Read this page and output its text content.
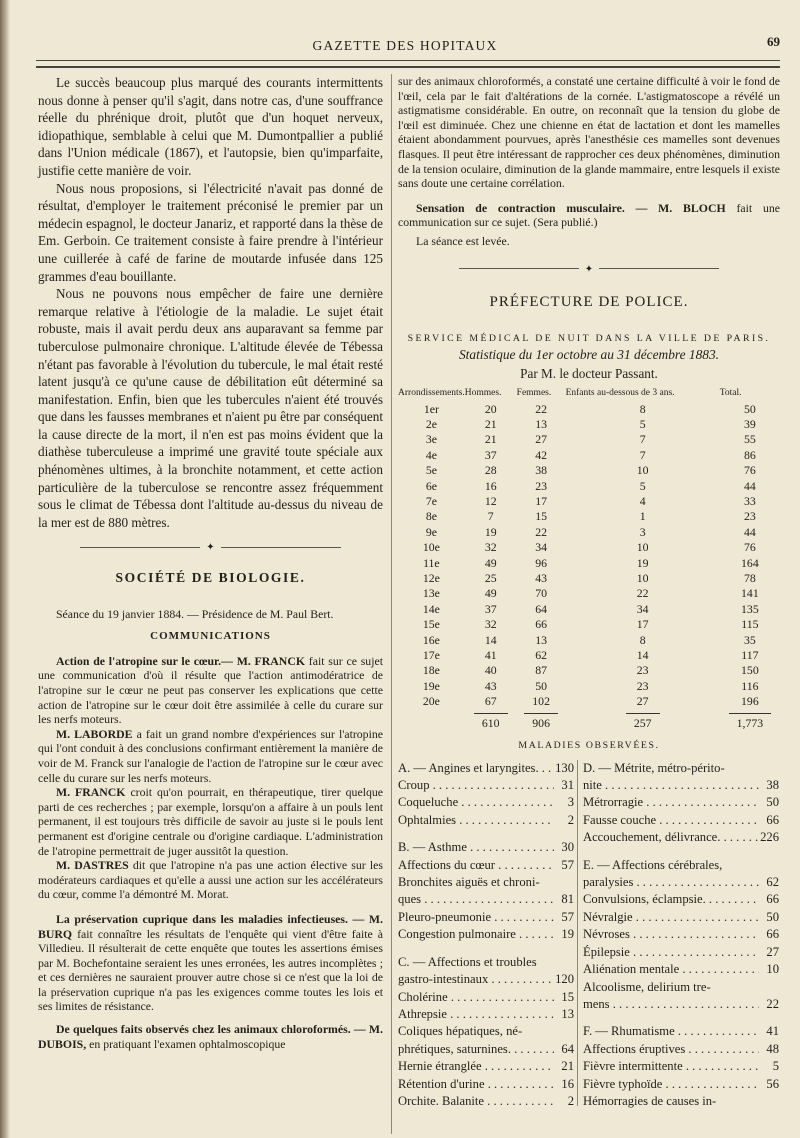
GAZETTE DES HOPITAUX	69

Le succès beaucoup plus marqué des courants intermittents nous donne à penser qu'il s'agit, dans notre cas, d'une souffrance réelle du phrénique droit, plutôt que d'un hoquet nerveux, idiopathique, semblable à celui que M. Dumontpallier a publié dans l'Union médicale (1867), et l'autopsie, bien qu'imparfaite, justifie cette manière de voir.

Nous nous proposions, si l'électricité n'avait pas donné de résultat, d'employer le traitement préconisé le premier par un médecin espagnol, le docteur Janariz, et rapporté dans la thèse de Em. Gerboin. Ce traitement consiste à faire prendre à l'intérieur une cuillerée à café de farine de moutarde infusée dans 125 grammes d'eau bouillante.

Nous ne pouvons nous empêcher de faire une dernière remarque relative à l'étiologie de la maladie. Le sujet était robuste, mais il avait perdu deux ans auparavant sa femme par tuberculose pulmonaire chronique. L'altitude élevée de Tébessa n'étant pas favorable à l'évolution du tubercule, le mal était resté latent jusqu'à ce qu'une cause de débilitation eût déterminé sa manifestation. Enfin, bien que les tubercules n'aient été trouvés que dans les fausses membranes et n'aient pu être par conséquent la cause directe de la mort, il n'en est pas moins évident que la diathèse tuberculeuse a imprimé une gravité toute spéciale aux phénomènes ultimes, à la bronchite notamment, et cette action particulière de la tuberculose se rencontre assez fréquemment sous le climat de Tébessa dont l'altitude au-dessus du niveau de la mer est de 880 mètres.

✦
SOCIÉTÉ DE BIOLOGIE.

Séance du 19 janvier 1884. — Présidence de M. Paul Bert.

COMMUNICATIONS

Action de l'atropine sur le cœur.— M. FRANCK fait sur ce sujet une communication d'où il résulte que l'action antimodératrice de l'atropine sur le cœur ne peut pas conserver les explications que cette action de l'atropine sur le cœur doit être assimilée à celle du curare sur les nerfs moteurs.

M. LABORDE a fait un grand nombre d'expériences sur l'atropine qui l'ont conduit à des conclusions confirmant entièrement la manière de voir de M. Franck sur l'analogie de l'action de l'atropine sur le cœur avec celle du curare sur les nerfs moteurs.

M. FRANCK croit qu'on pourrait, en thérapeutique, tirer quelque parti de ces recherches ; par exemple, lorsqu'on a affaire à un pouls lent permanent, il est toujours très difficile de savoir au juste si le pouls lent permanent est d'origine centrale ou d'origine cardiaque. L'administration de l'atropine permettrait de juger aussitôt la question.

M. DASTRES dit que l'atropine n'a pas une action élective sur les modérateurs cardiaques et qu'elle a aussi une action sur les accélérateurs du cœur, comme l'a démontré M. Morat.

La préservation cuprique dans les maladies infectieuses. — M. BURQ fait connaître les résultats de l'enquête qui vient d'être faite à Villedieu. Il résulterait de cette enquête que toutes les assertions émises par M. Bochefontaine seraient les unes erronées, les autres incomplètes ; et ces dernières ne sauraient prouver autre chose si ce n'est que la loi de la préservation cuprique n'a pas les exigences comme toutes les lois et ses limites de résistance.

De quelques faits observés chez les animaux chloroformés. — M. DUBOIS, en pratiquant l'examen ophtalmoscopique

sur des animaux chloroformés, a constaté une certaine difficulté à voir le fond de l'œil, cela par le fait d'altérations de la cornée. L'astigmatoscope a révélé un astigmatisme considérable. En outre, on reconnaît que la tension du globe de l'œil est diminuée. Chez une chienne en état de lactation et dont les mamelles étaient abondamment pourvues, après l'anesthésie ces mamelles sont devenues flasques. Il peut être intéressant de rapprocher ces deux phénomènes, diminution de la tension oculaire, diminution de la glande mammaire, entre lesquels il existe sans doute une certaine corrélation.

Sensation de contraction musculaire. — M. BLOCH fait une communication sur ce sujet. (Sera publié.)

La séance est levée.

✦
PRÉFECTURE DE POLICE.
SERVICE MÉDICAL DE NUIT DANS LA VILLE DE PARIS.
Statistique du 1er octobre au 31 décembre 1883.
Par M. le docteur Passant.
Arrondissements.	Hommes.	Femmes.	Enfants au-dessous de 3 ans.	Total.
1er	20	22	8	50
2e	21	13	5	39
3e	21	27	7	55
4e	37	42	7	86
5e	28	38	10	76
6e	16	23	5	44
7e	12	17	4	33
8e	7	15	1	23
9e	19	22	3	44
10e	32	34	10	76
11e	49	96	19	164
12e	25	43	10	78
13e	49	70	22	141
14e	37	64	34	135
15e	32	66	17	115
16e	14	13	8	35
17e	41	62	14	117
18e	40	87	23	150
19e	43	50	23	116
20e	67	102	27	196
	610	906	257	1,773
MALADIES OBSERVÉES.
A. — Angines et laryngites. . . .	130
Croup . . .	31
Coqueluche . . .	3
Ophtalmies . . .	2
B. — Asthme . . .	30
Affections du cœur . . .	57
Bronchites aiguës et chroni-
ques . . .	81
Pleuro-pneumonie . . .	57
Congestion pulmonaire . . .	19
C. — Affections et troubles
gastro-intestinaux . . .	120
Cholérine . . .	15
Athrepsie . . .	13
Coliques hépatiques, né-
phrétiques, saturnines. . . .	64
Hernie étranglée . . .	21
Rétention d'urine . . .	16
Orchite. Balanite . . .	2
D. — Métrite, métro-périto-
nite . . .	38
Métrorragie . . .	50
Fausse couche . . .	66
Accouchement, délivrance. . . .	226
E. — Affections cérébrales,
paralysies . . .	62
Convulsions, éclampsie. . . .	66
Névralgie . . .	50
Névroses . . .	66
Épilepsie . . .	27
Aliénation mentale . . .	10
Alcoolisme, delirium tre-
mens . . .	22
F. — Rhumatisme . . .	41
Affections éruptives . . .	48
Fièvre intermittente . . .	5
Fièvre typhoïde . . .	56
Hémorragies de causes in-
